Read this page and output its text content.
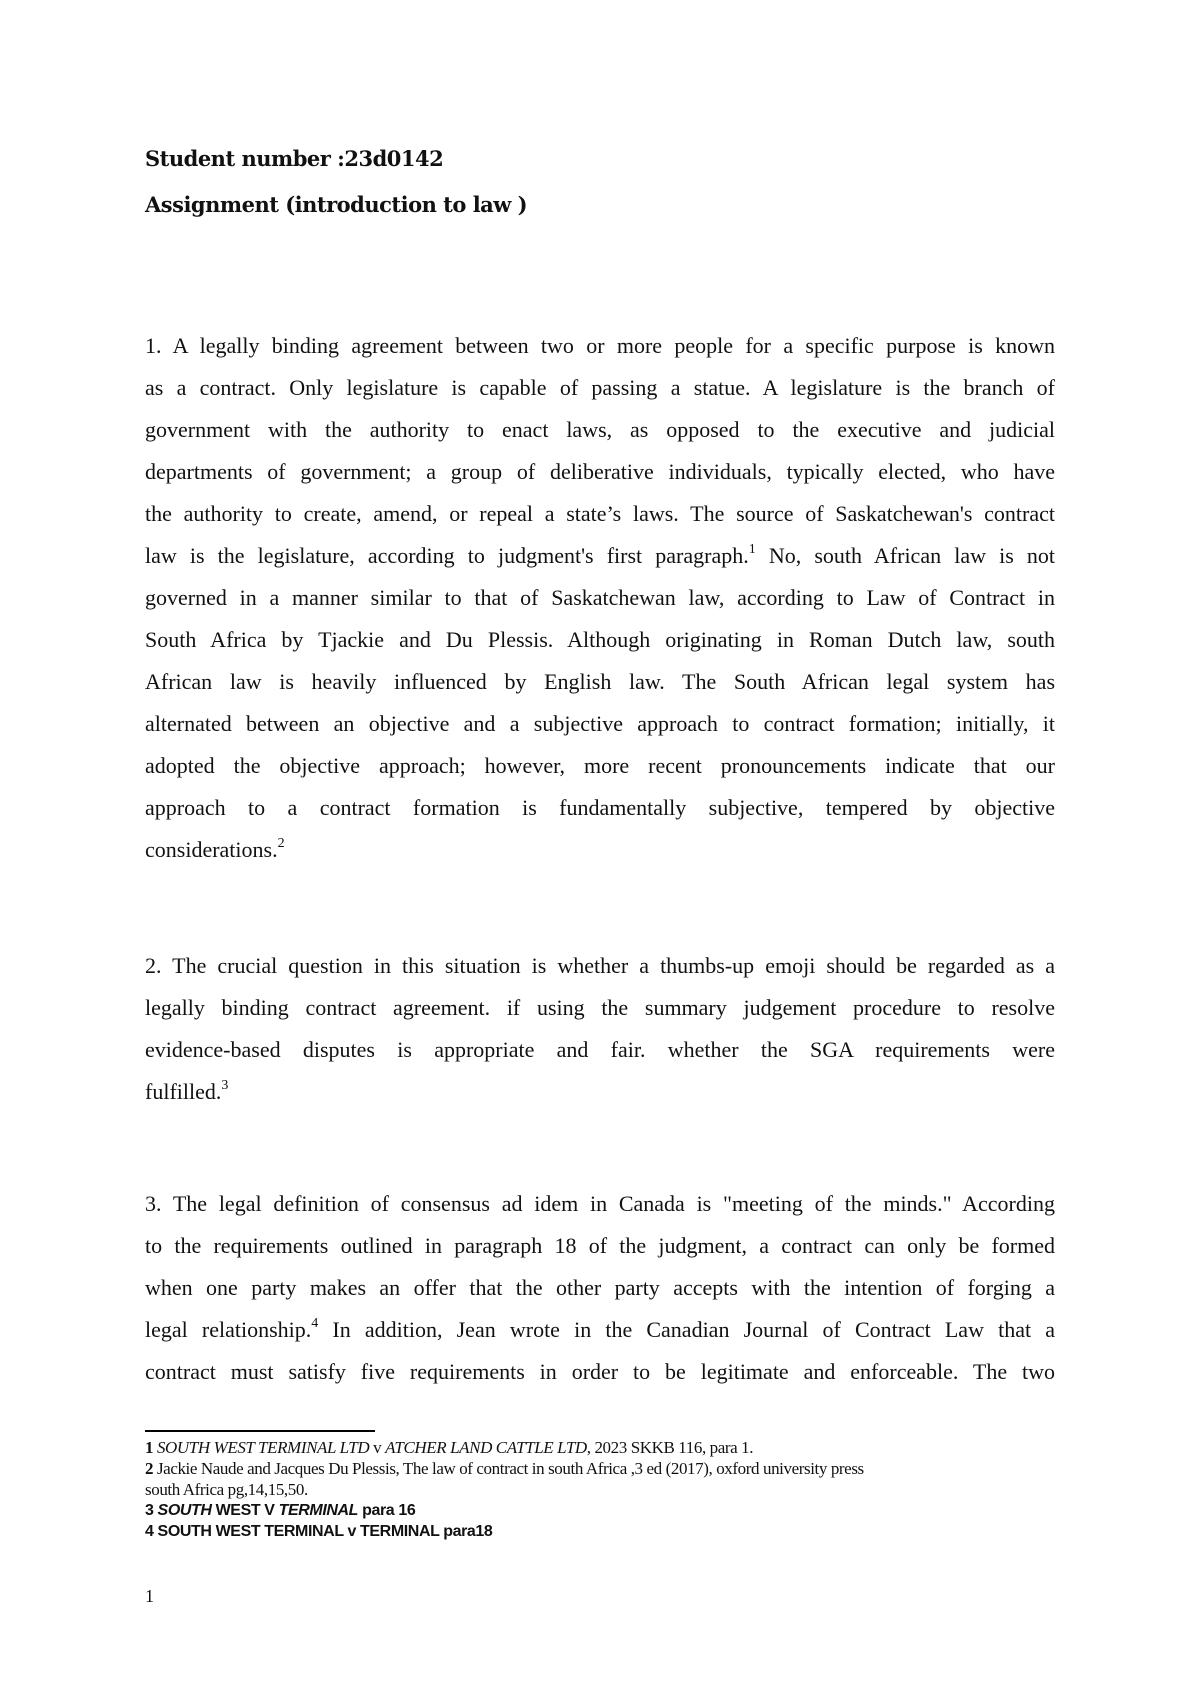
Student number :23d0142
Assignment (introduction to law )
1. A legally binding agreement between two or more people for a specific purpose is known
as a contract. Only legislature is capable of passing a statue. A legislature is the branch of
government with the authority to enact laws, as opposed to the executive and judicial
departments of government; a group of deliberative individuals, typically elected, who have
the authority to create, amend, or repeal a state’s laws. The source of Saskatchewan's contract
law is the legislature, according to judgment's first paragraph.$^1$ No, south African law is not
governed in a manner similar to that of Saskatchewan law, according to Law of Contract in
South Africa by Tjackie and Du Plessis. Although originating in Roman Dutch law, south
African law is heavily influenced by English law. The South African legal system has
alternated between an objective and a subjective approach to contract formation; initially, it
adopted the objective approach; however, more recent pronouncements indicate that our
approach to a contract formation is fundamentally subjective, tempered by objective
considerations.$^2$
2. The crucial question in this situation is whether a thumbs-up emoji should be regarded as a
legally binding contract agreement. if using the summary judgement procedure to resolve
evidence-based disputes is appropriate and fair. whether the SGA requirements were
fulfilled.$^3$
3. The legal definition of consensus ad idem in Canada is "meeting of the minds." According
to the requirements outlined in paragraph 18 of the judgment, a contract can only be formed
when one party makes an offer that the other party accepts with the intention of forging a
legal relationship.$^4$ In addition, Jean wrote in the Canadian Journal of Contract Law that a
contract must satisfy five requirements in order to be legitimate and enforceable. The two
1 SOUTH WEST TERMINAL LTD v ATCHER LAND CATTLE LTD, 2023 SKKB 116, para 1.
2 Jackie Naude and Jacques Du Plessis, The law of contract in south Africa ,3 ed (2017), oxford university press
south Africa pg,14,15,50.
3 SOUTH WEST V TERMINAL para 16
4 SOUTH WEST TERMINAL v TERMINAL para18
1
